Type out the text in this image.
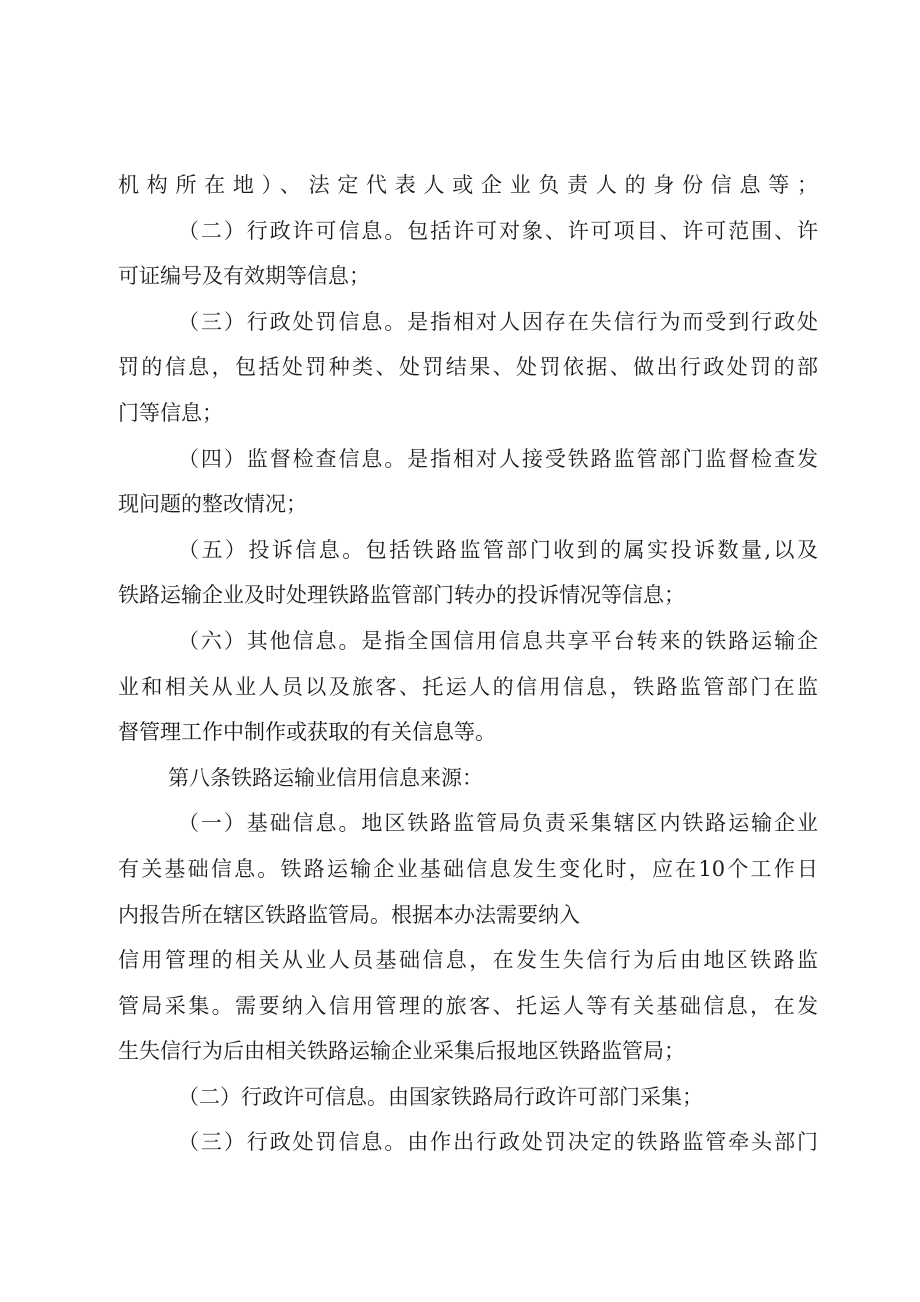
机构所在地）、法定代表人或企业负责人的身份信息等；
（二）行政许可信息。包括许可对象、许可项目、许可范围、许
可证编号及有效期等信息；
（三）行政处罚信息。是指相对人因存在失信行为而受到行政处
罚的信息，包括处罚种类、处罚结果、处罚依据、做出行政处罚的部
门等信息；
（四）监督检查信息。是指相对人接受铁路监管部门监督检查发
现问题的整改情况；
（五）投诉信息。包括铁路监管部门收到的属实投诉数量,以及
铁路运输企业及时处理铁路监管部门转办的投诉情况等信息；
（六）其他信息。是指全国信用信息共享平台转来的铁路运输企
业和相关从业人员以及旅客、托运人的信用信息，铁路监管部门在监
督管理工作中制作或获取的有关信息等。
第八条铁路运输业信用信息来源：
（一）基础信息。地区铁路监管局负责采集辖区内铁路运输企业
有关基础信息。铁路运输企业基础信息发生变化时，应在10个工作日
内报告所在辖区铁路监管局。根据本办法需要纳入
信用管理的相关从业人员基础信息，在发生失信行为后由地区铁路监
管局采集。需要纳入信用管理的旅客、托运人等有关基础信息，在发
生失信行为后由相关铁路运输企业采集后报地区铁路监管局；
（二）行政许可信息。由国家铁路局行政许可部门采集；
（三）行政处罚信息。由作出行政处罚决定的铁路监管牵头部门
